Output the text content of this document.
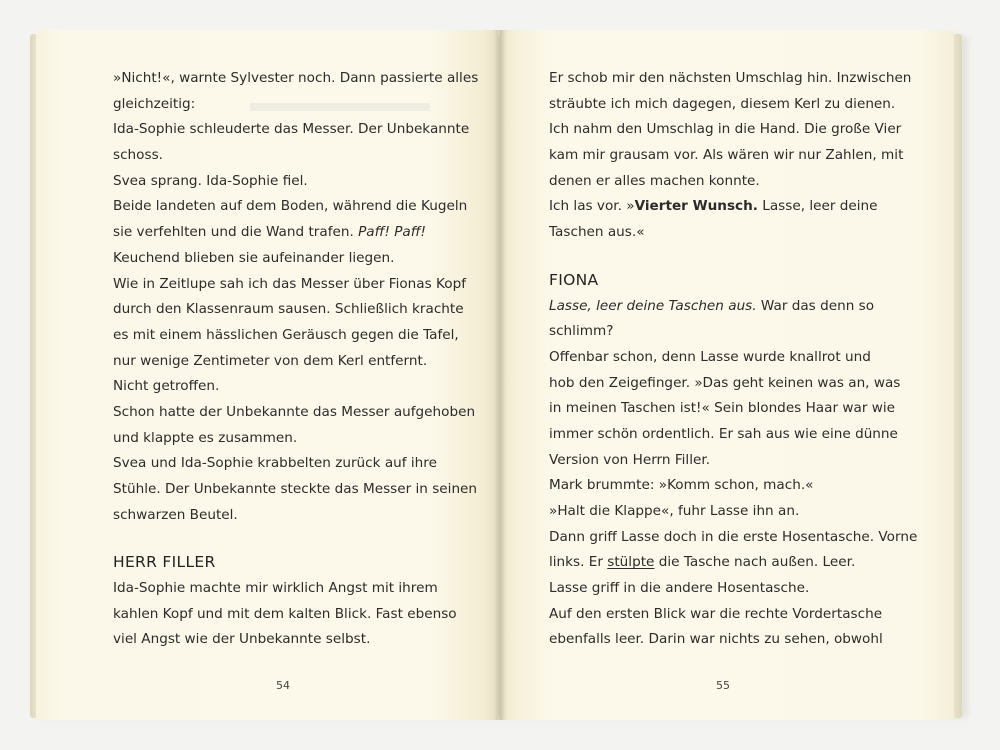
»Nicht!«, warnte Sylvester noch. Dann passierte alles
gleichzeitig:
Ida-Sophie schleuderte das Messer. Der Unbekannte
schoss.
Svea sprang. Ida-Sophie fiel.
Beide landeten auf dem Boden, während die Kugeln
sie verfehlten und die Wand trafen. Paff! Paff!
Keuchend blieben sie aufeinander liegen.
Wie in Zeitlupe sah ich das Messer über Fionas Kopf
durch den Klassenraum sausen. Schließlich krachte
es mit einem hässlichen Geräusch gegen die Tafel,
nur wenige Zentimeter von dem Kerl entfernt.
Nicht getroffen.
Schon hatte der Unbekannte das Messer aufgehoben
und klappte es zusammen.
Svea und Ida-Sophie krabbelten zurück auf ihre
Stühle. Der Unbekannte steckte das Messer in seinen
schwarzen Beutel.
HERR FILLER
Ida-Sophie machte mir wirklich Angst mit ihrem
kahlen Kopf und mit dem kalten Blick. Fast ebenso
viel Angst wie der Unbekannte selbst.
54
Er schob mir den nächsten Umschlag hin. Inzwischen
sträubte ich mich dagegen, diesem Kerl zu dienen.
Ich nahm den Umschlag in die Hand. Die große Vier
kam mir grausam vor. Als wären wir nur Zahlen, mit
denen er alles machen konnte.
Ich las vor. »Vierter Wunsch. Lasse, leer deine
Taschen aus.«
FIONA
Lasse, leer deine Taschen aus. War das denn so
schlimm?
Offenbar schon, denn Lasse wurde knallrot und
hob den Zeigefinger. »Das geht keinen was an, was
in meinen Taschen ist!« Sein blondes Haar war wie
immer schön ordentlich. Er sah aus wie eine dünne
Version von Herrn Filler.
Mark brummte: »Komm schon, mach.«
»Halt die Klappe«, fuhr Lasse ihn an.
Dann griff Lasse doch in die erste Hosentasche. Vorne
links. Er stülpte die Tasche nach außen. Leer.
Lasse griff in die andere Hosentasche.
Auf den ersten Blick war die rechte Vordertasche
ebenfalls leer. Darin war nichts zu sehen, obwohl
55
